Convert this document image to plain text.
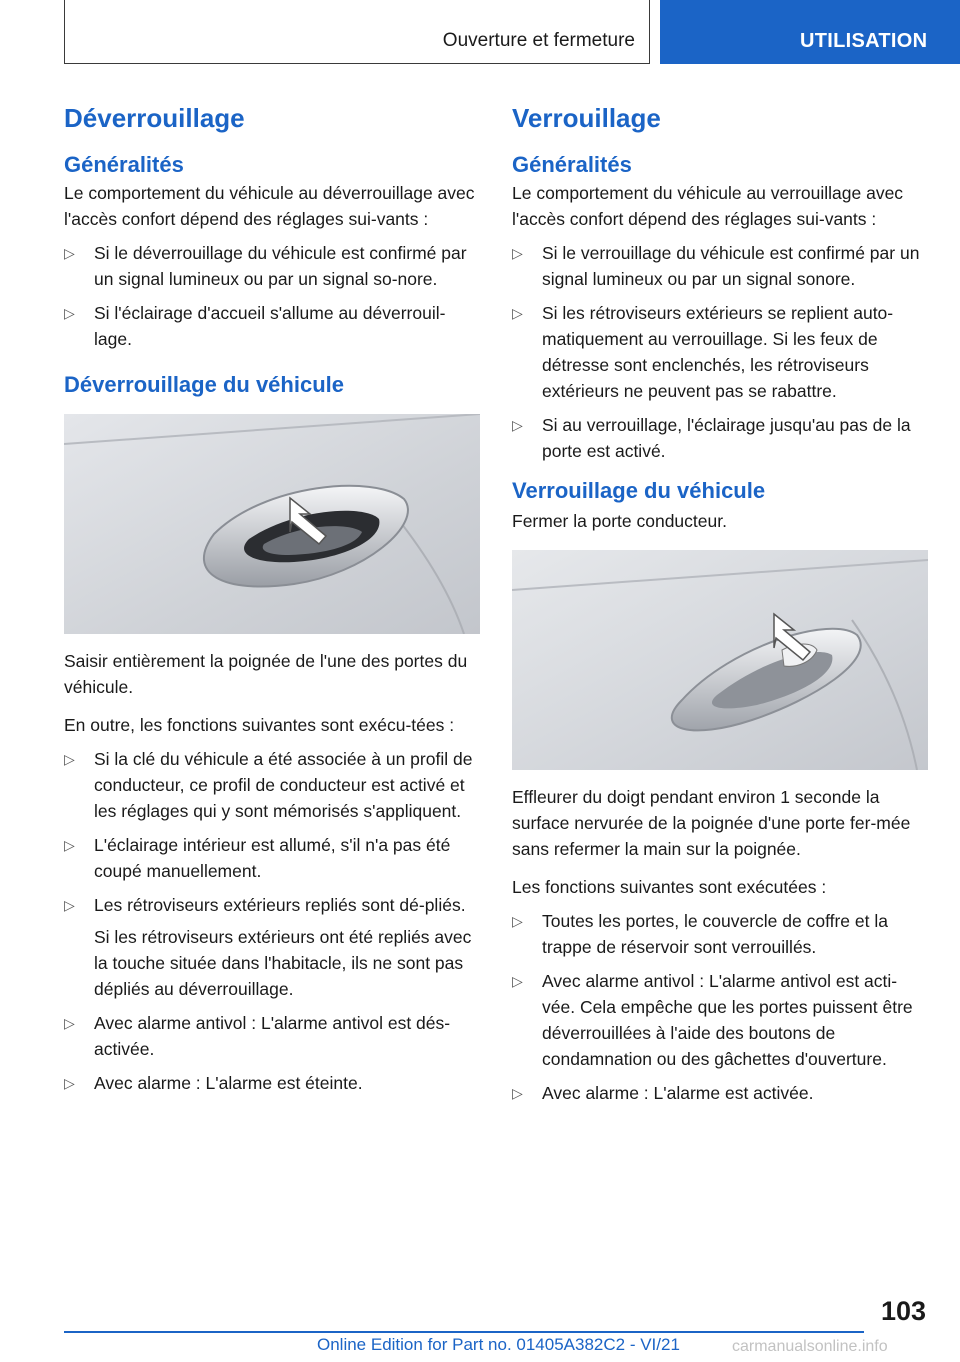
Ouverture et fermeture	UTILISATION
Déverrouillage
Généralités

Le comportement du véhicule au déverrouillage avec l'accès confort dépend des réglages sui-vants :

▷	Si le déverrouillage du véhicule est confirmé par un signal lumineux ou par un signal so-nore.
▷	Si l'éclairage d'accueil s'allume au déverrouil-lage.
Déverrouillage du véhicule

Saisir entièrement la poignée de l'une des portes du véhicule.

En outre, les fonctions suivantes sont exécu-tées :

▷	Si la clé du véhicule a été associée à un profil de conducteur, ce profil de conducteur est activé et les réglages qui y sont mémorisés s'appliquent.
▷	L'éclairage intérieur est allumé, s'il n'a pas été coupé manuellement.
▷	Les rétroviseurs extérieurs repliés sont dé-pliés.
Si les rétroviseurs extérieurs ont été repliés avec la touche située dans l'habitacle, ils ne sont pas dépliés au déverrouillage.
▷	Avec alarme antivol : L'alarme antivol est dés-activée.
▷	Avec alarme : L'alarme est éteinte.
Verrouillage
Généralités

Le comportement du véhicule au verrouillage avec l'accès confort dépend des réglages sui-vants :

▷	Si le verrouillage du véhicule est confirmé par un signal lumineux ou par un signal sonore.
▷	Si les rétroviseurs extérieurs se replient auto-matiquement au verrouillage. Si les feux de détresse sont enclenchés, les rétroviseurs extérieurs ne peuvent pas se rabattre.
▷	Si au verrouillage, l'éclairage jusqu'au pas de la porte est activé.
Verrouillage du véhicule

Fermer la porte conducteur.

Effleurer du doigt pendant environ 1 seconde la surface nervurée de la poignée d'une porte fer-mée sans refermer la main sur la poignée.

Les fonctions suivantes sont exécutées :

▷	Toutes les portes, le couvercle de coffre et la trappe de réservoir sont verrouillés.
▷	Avec alarme antivol : L'alarme antivol est acti-vée. Cela empêche que les portes puissent être déverrouillées à l'aide des boutons de condamnation ou des gâchettes d'ouverture.
▷	Avec alarme : L'alarme est activée.
103
Online Edition for Part no. 01405A382C2 - VI/21	carmanualsonline.info
